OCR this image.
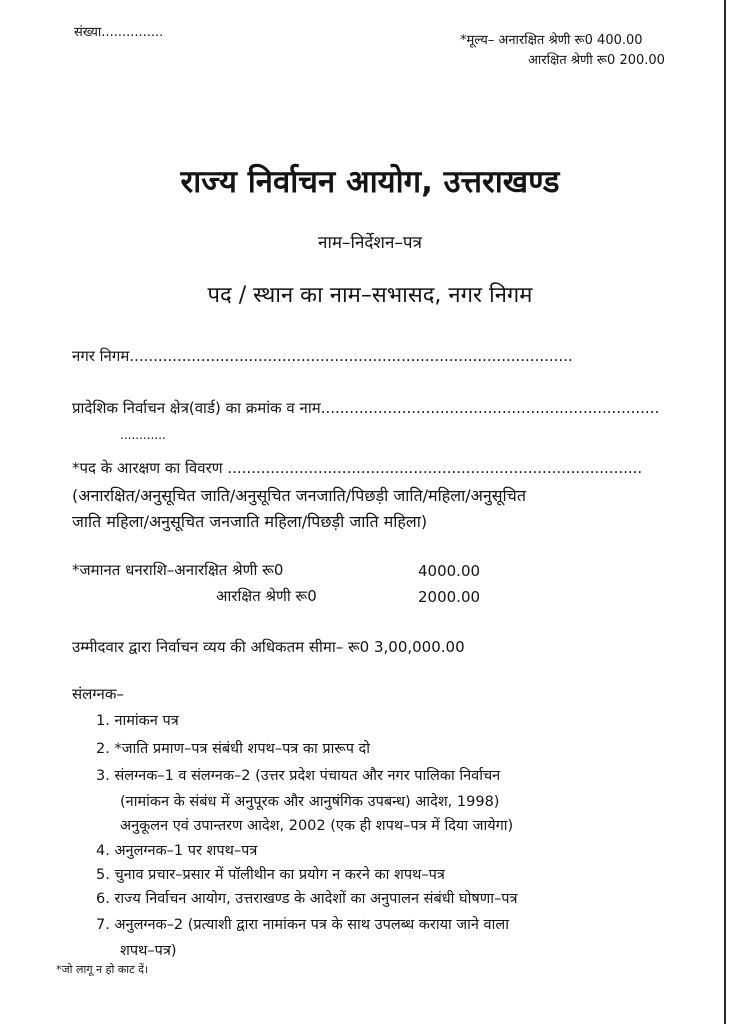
संख्या...............
*मूल्य– अनारक्षित श्रेणी रू0 400.00
आरक्षित श्रेणी रू0 200.00
राज्य निर्वाचन आयोग, उत्तराखण्ड
नाम–निर्देशन–पत्र
पद / स्थान का नाम–सभासद, नगर निगम
नगर निगम.............................................................................................
प्रादेशिक निर्वाचन क्षेत्र(वार्ड) का क्रमांक व नाम.......................................................................
............
*पद के आरक्षण का विवरण .......................................................................................
(अनारक्षित/अनुसूचित जाति/अनुसूचित जनजाति/पिछड़ी जाति/महिला/अनुसूचित
जाति महिला/अनुसूचित जनजाति महिला/पिछड़ी जाति महिला)
*जमानत धनराशि–अनारक्षित श्रेणी रू0	4000.00
आरक्षित श्रेणी रू0	2000.00
उम्मीदवार द्वारा निर्वाचन व्यय की अधिकतम सीमा– रू0 3,00,000.00
संलग्नक–
1. नामांकन पत्र
2. *जाति प्रमाण–पत्र संबंधी शपथ–पत्र का प्रारूप दो
3. संलग्नक–1 व संलग्नक–2 (उत्तर प्रदेश पंचायत और नगर पालिका निर्वाचन
(नामांकन के संबंध में अनुपूरक और आनुषंगिक उपबन्ध) आदेश, 1998)
अनुकूलन एवं उपान्तरण आदेश, 2002 (एक ही शपथ–पत्र में दिया जायेगा)
4. अनुलग्नक–1 पर शपथ–पत्र
5. चुनाव प्रचार–प्रसार में पॉलीथीन का प्रयोग न करने का शपथ–पत्र
6. राज्य निर्वाचन आयोग, उत्तराखण्ड के आदेशों का अनुपालन संबंधी घोषणा–पत्र
7. अनुलग्नक–2 (प्रत्याशी द्वारा नामांकन पत्र के साथ उपलब्ध कराया जाने वाला
शपथ–पत्र)
*जो लागू न हो काट दें।
